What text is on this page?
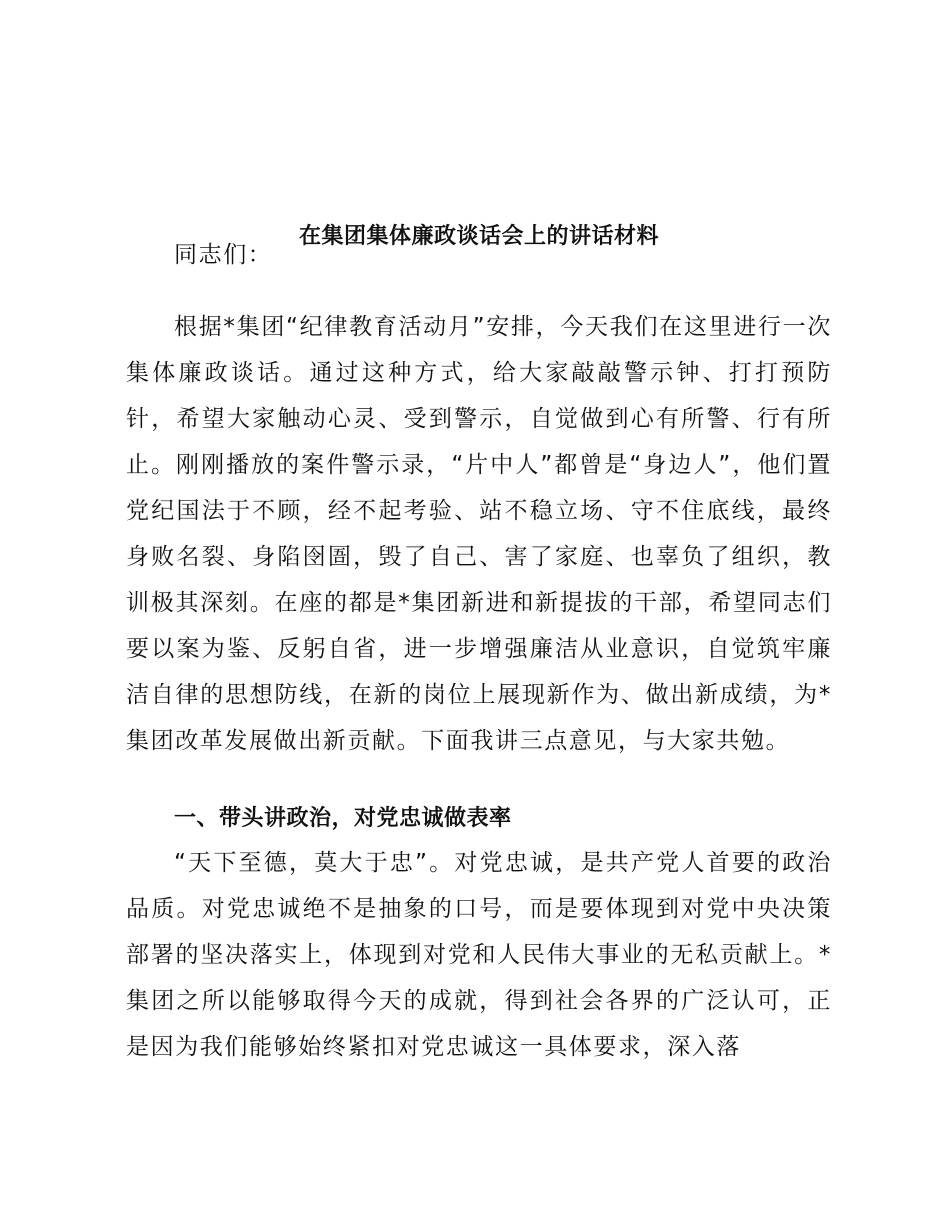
在集团集体廉政谈话会上的讲话材料

同志们：

根据*集团“纪律教育活动月”安排，今天我们在这里进行一次集体廉政谈话。通过这种方式，给大家敲敲警示钟、打打预防针，希望大家触动心灵、受到警示，自觉做到心有所警、行有所止。刚刚播放的案件警示录，“片中人”都曾是“身边人”，他们置党纪国法于不顾，经不起考验、站不稳立场、守不住底线，最终身败名裂、身陷囹圄，毁了自己、害了家庭、也辜负了组织，教训极其深刻。在座的都是*集团新进和新提拔的干部，希望同志们要以案为鉴、反躬自省，进一步增强廉洁从业意识，自觉筑牢廉洁自律的思想防线，在新的岗位上展现新作为、做出新成绩，为*集团改革发展做出新贡献。下面我讲三点意见，与大家共勉。

一、带头讲政治，对党忠诚做表率

“天下至德，莫大于忠”。对党忠诚，是共产党人首要的政治品质。对党忠诚绝不是抽象的口号，而是要体现到对党中央决策部署的坚决落实上，体现到对党和人民伟大事业的无私贡献上。*集团之所以能够取得今天的成就，得到社会各界的广泛认可，正是因为我们能够始终紧扣对党忠诚这一具体要求，深入落
